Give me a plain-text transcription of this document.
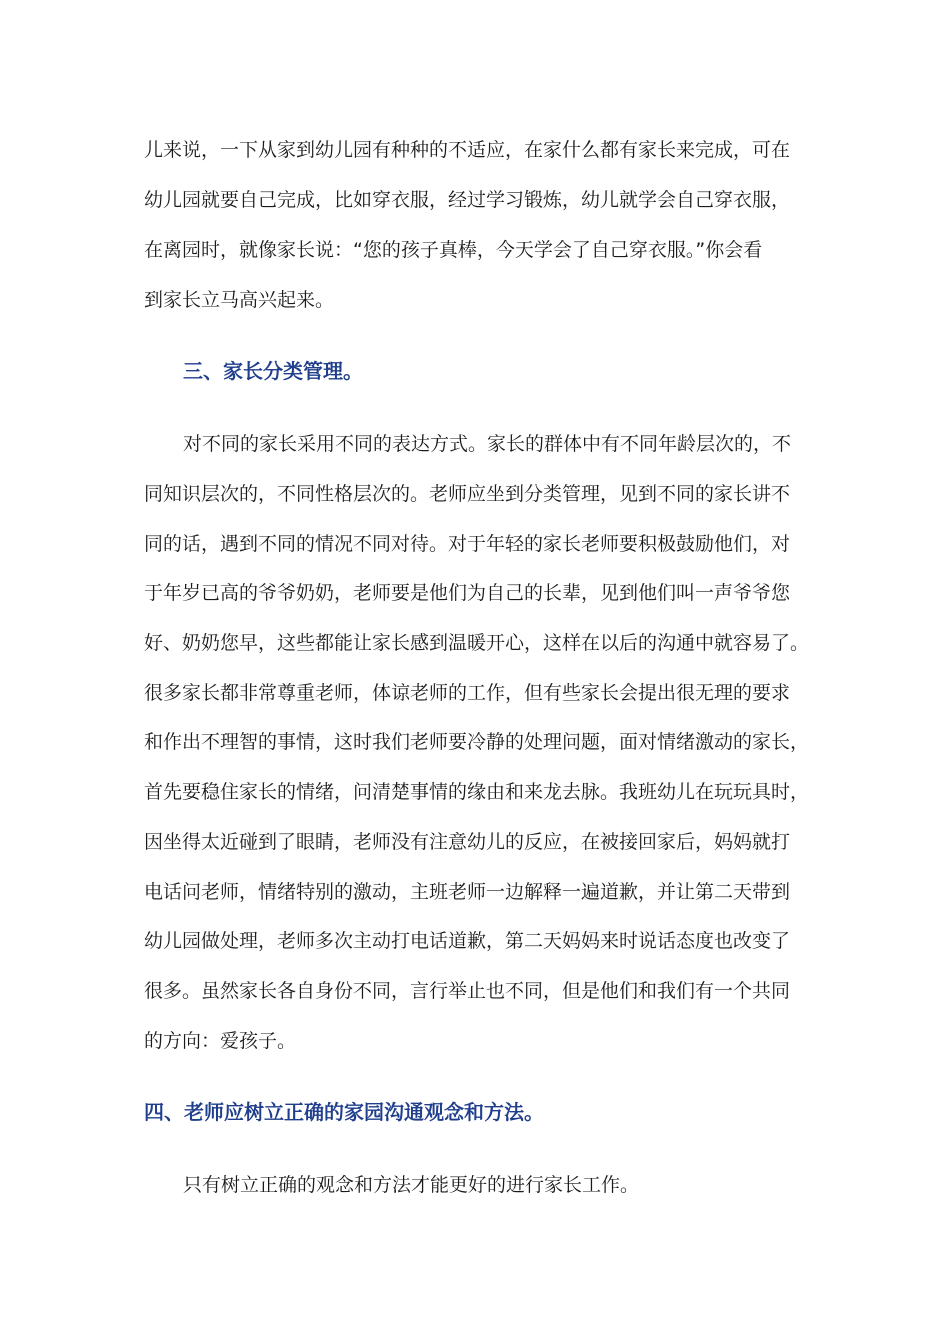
儿来说，一下从家到幼儿园有种种的不适应，在家什么都有家长来完成，可在
幼儿园就要自己完成，比如穿衣服，经过学习锻炼，幼儿就学会自己穿衣服，
在离园时，就像家长说：“您的孩子真棒，今天学会了自己穿衣服。”你会看
到家长立马高兴起来。
三、家长分类管理。
对不同的家长采用不同的表达方式。家长的群体中有不同年龄层次的，不
同知识层次的，不同性格层次的。老师应坐到分类管理，见到不同的家长讲不
同的话，遇到不同的情况不同对待。对于年轻的家长老师要积极鼓励他们，对
于年岁已高的爷爷奶奶，老师要是他们为自己的长辈，见到他们叫一声爷爷您
好、奶奶您早，这些都能让家长感到温暖开心，这样在以后的沟通中就容易了。
很多家长都非常尊重老师，体谅老师的工作，但有些家长会提出很无理的要求
和作出不理智的事情，这时我们老师要冷静的处理问题，面对情绪激动的家长，
首先要稳住家长的情绪，问清楚事情的缘由和来龙去脉。我班幼儿在玩玩具时，
因坐得太近碰到了眼睛，老师没有注意幼儿的反应，在被接回家后，妈妈就打
电话问老师，情绪特别的激动，主班老师一边解释一遍道歉，并让第二天带到
幼儿园做处理，老师多次主动打电话道歉，第二天妈妈来时说话态度也改变了
很多。虽然家长各自身份不同，言行举止也不同，但是他们和我们有一个共同
的方向：爱孩子。
四、老师应树立正确的家园沟通观念和方法。
只有树立正确的观念和方法才能更好的进行家长工作。
